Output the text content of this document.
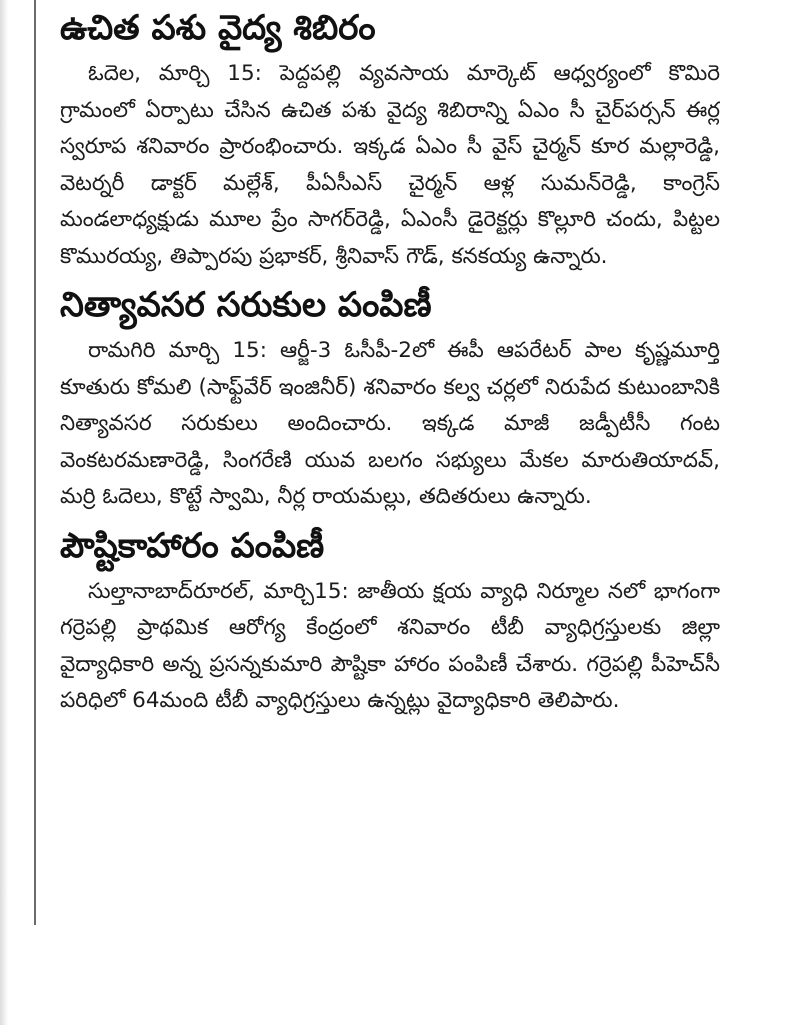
ఉచిత పశు వైద్య శిబిరం

ఓదెల, మార్చి 15: పెద్దపల్లి వ్యవసాయ మార్కెట్ ఆధ్వర్యంలో కొమిరె గ్రామంలో ఏర్పాటు చేసిన ఉచిత పశు వైద్య శిబిరాన్ని ఏఎం సీ చైర్‌పర్సన్ ఈర్ల స్వరూప శనివారం ప్రారంభించారు. ఇక్కడ ఏఎం సీ వైస్ చైర్మన్ కూర మల్లారెడ్డి, వెటర్నరీ డాక్టర్ మల్లేశ్, పీఏసీఎస్ చైర్మన్ ఆళ్ల సుమన్‌రెడ్డి, కాంగ్రెస్ మండలాధ్యక్షుడు మూల ప్రేం సాగర్‌రెడ్డి, ఏఎంసీ డైరెక్టర్లు కొల్లూరి చందు, పిట్టల కొమురయ్య, తిప్పారపు ప్రభాకర్, శ్రీనివాస్ గౌడ్, కనకయ్య ఉన్నారు.

నిత్యావసర సరుకుల పంపిణీ

రామగిరి మార్చి 15: ఆర్జీ-3 ఓసీపీ-2లో ఈపీ ఆపరేటర్ పాల కృష్ణమూర్తి కూతురు కోమలి (సాఫ్ట్‌వేర్ ఇంజినీర్) శనివారం కల్వ చర్లలో నిరుపేద కుటుంబానికి నిత్యావసర సరుకులు అందించారు. ఇక్కడ మాజీ జడ్పీటీసీ గంట వెంకటరమణారెడ్డి, సింగరేణి యువ బలగం సభ్యులు మేకల మారుతియాదవ్, మర్రి ఓదెలు, కొట్టే స్వామి, నీర్ల రాయమల్లు, తదితరులు ఉన్నారు.

పౌష్టికాహారం పంపిణీ

సుల్తానాబాద్‌రూరల్, మార్చి15: జాతీయ క్షయ వ్యాధి నిర్మూల నలో భాగంగా గర్రెపల్లి ప్రాథమిక ఆరోగ్య కేంద్రంలో శనివారం టీబీ వ్యాధిగ్రస్తులకు జిల్లా వైద్యాధికారి అన్న ప్రసన్నకుమారి పౌష్టికా హారం పంపిణీ చేశారు. గర్రెపల్లి పీహెచ్‌సీ పరిధిలో 64మంది టీబీ వ్యాధిగ్రస్తులు ఉన్నట్లు వైద్యాధికారి తెలిపారు.
